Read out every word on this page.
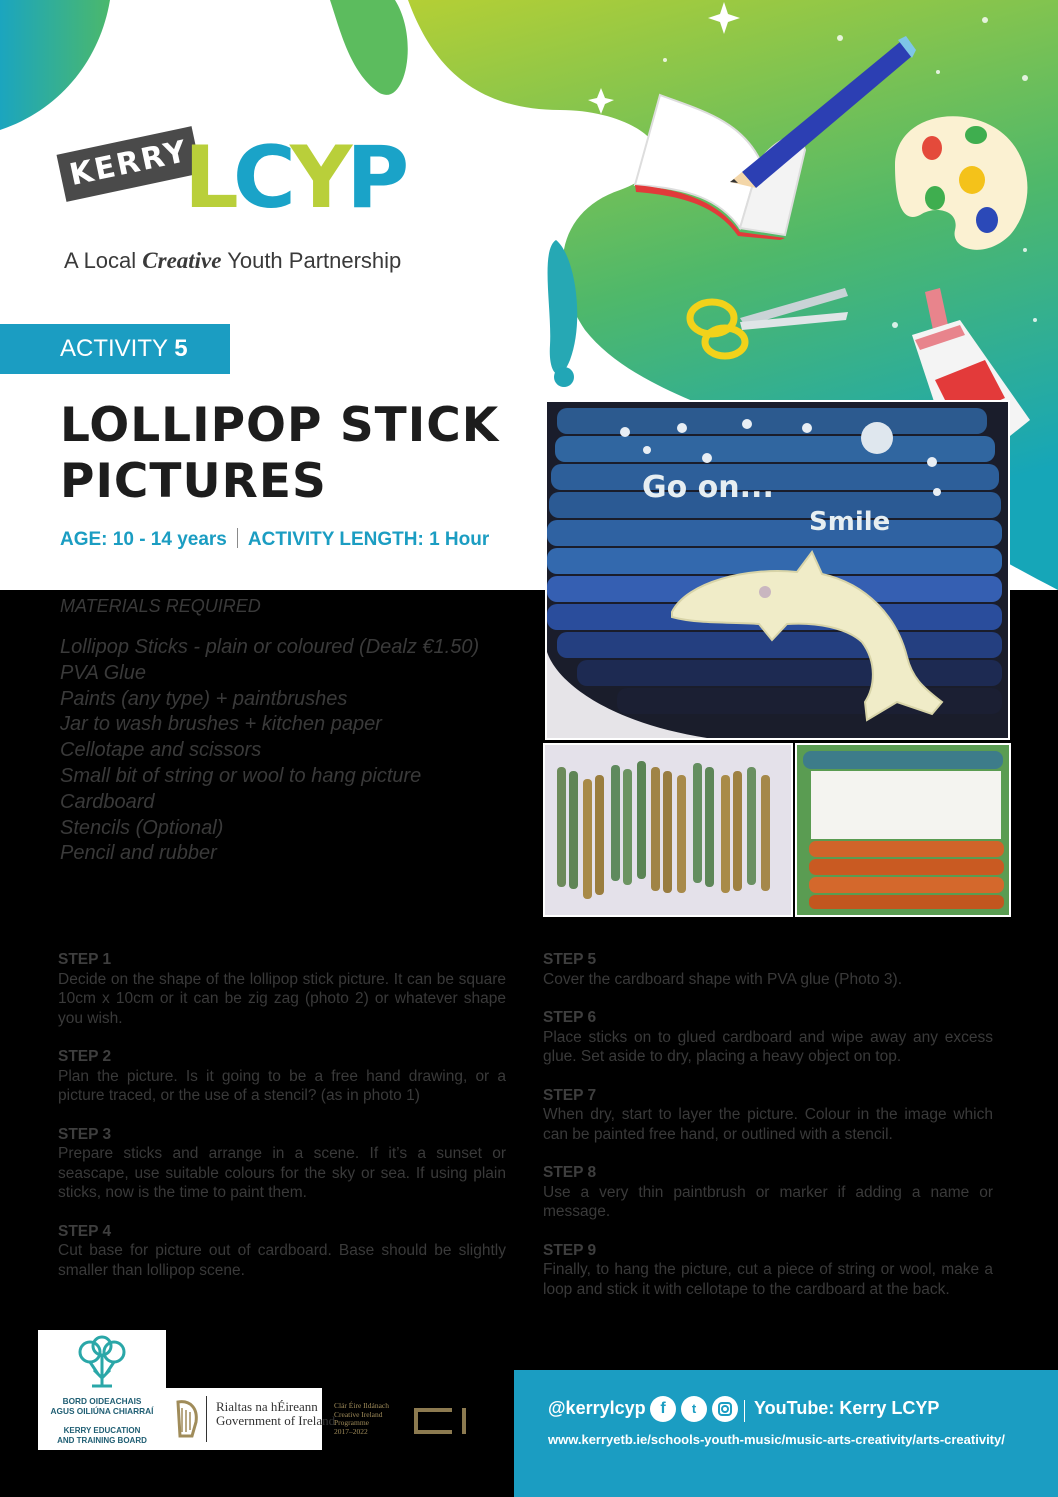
KERRY
LCYP
A Local Creative Youth Partnership
ACTIVITY 5
LOLLIPOP STICK
PICTURES
AGE: 10 - 14 years ACTIVITY LENGTH: 1 Hour
MATERIALS REQUIRED
Lollipop Sticks - plain or coloured (Dealz €1.50)
PVA Glue
Paints (any type) + paintbrushes
Jar to wash brushes + kitchen paper
Cellotape and scissors
Small bit of string or wool to hang picture
Cardboard
Stencils (Optional)
Pencil and rubber
Go on...
Smile
STEP 1
Decide on the shape of the lollipop stick picture. It can be square 10cm x 10cm or it can be zig zag (photo 2) or whatever shape you wish.
STEP 2
Plan the picture. Is it going to be a free hand drawing, or a picture traced, or the use of a stencil? (as in photo 1)
STEP 3
Prepare sticks and arrange in a scene. If it’s a sunset or seascape, use suitable colours for the sky or sea. If using plain sticks, now is the time to paint them.
STEP 4
Cut base for picture out of cardboard. Base should be slightly smaller than lollipop scene.
STEP 5
Cover the cardboard shape with PVA glue (Photo 3).
STEP 6
Place sticks on to glued cardboard and wipe away any excess glue. Set aside to dry, placing a heavy object on top.
STEP 7
When dry, start to layer the picture. Colour in the image which can be painted free hand, or outlined with a stencil.
STEP 8
Use a very thin paintbrush or marker if adding a name or message.
STEP 9
Finally, to hang the picture, cut a piece of string or wool, make a loop and stick it with cellotape to the cardboard at the back.
BORD OIDEACHAIS
AGUS OILIÚNA CHIARRAÍ
KERRY EDUCATION
AND TRAINING BOARD
Rialtas na hÉireann
Government of Ireland
Clár Éire Ildánach
Creative Ireland
Programme
2017–2022
@kerrylcyp f	t	YouTube: Kerry LCYP
www.kerryetb.ie/schools-youth-music/music-arts-creativity/arts-creativity/
